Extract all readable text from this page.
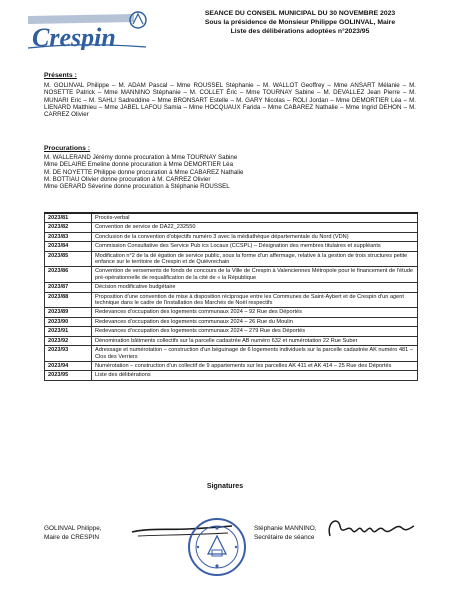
Crespin
SEANCE DU CONSEIL MUNICIPAL DU 30 NOVEMBRE 2023
Sous la présidence de Monsieur Philippe GOLINVAL, Maire
Liste des délibérations adoptées n°2023/95
Présents :
M. GOLINVAL Philippe – M. ADAM Pascal – Mme ROUSSEL Stéphanie – M. WALLOT Geoffrey – Mme ANSART Mélanie – M. NOSETTE Patrick – Mme MANNINO Stéphanie – M. COLLET Éric – Mme TOURNAY Sabine – M. DEVALLEZ Jean Pierre – M. MUNARI Eric – M. SAHLI Sadreddine – Mme BRONSART Estelle – M. GARY Nicolas – ROLI Jordan – Mme DEMORTIER Léa – M. LIENARD Matthieu – Mme JABEL LAFOU Samia – Mme HOCQUAUX Farida – Mme CABAREZ Nathalie – Mme Ingrid DEHON – M. CARREZ Olivier
Procurations :
M. WALLERAND Jérémy donne procuration à Mme TOURNAY Sabine
Mme DELAIRE Emeline donne procuration à Mme DEMORTIER Léa
M. DE NOYETTE Philippe donne procuration à Mme CABAREZ Nathalie
M. BOTTIAU Olivier donne procuration à M. CARREZ Olivier
Mme GERARD Séverine donne procuration à Stéphanie ROUSSEL
2023/81	Procès-verbal
2023/82	Convention de service de DA22_232550
2023/83	Conclusion de la convention d'objectifs numéro 3 avec la médiathèque départementale du Nord (VDN)
2023/84	Commission Consultative des Service Pub ics Locaux (CCSPL) – Désignation des membres titulaires et suppléants
2023/85	Modification n°2 de la dé égation de service public, sous la forme d'un affermage, relative à la gestion de trois structures petite enfance sur le territoire de Crespin et de Quiévrechain
2023/86	Convention de versements de fonds de concours de la Ville de Crespin à Valenciennes Métropole pour le financement de l'étude pré-opérationnelle de requalification de la cité de « la République
2023/87	Décision modificative budgétaire
2023/88	Proposition d'une convention de mise à disposition réciproque entre les Communes de Saint-Aybert et de Crespin d'un agent technique dans le cadre de l'installation des Marchés de Noël respectifs
2023/89	Redevances d'occupation des logements communaux 2024 – 92 Rue des Déportés
2023/90	Redevances d'occupation des logements communaux 2024 – 26 Rue du Moulin
2023/91	Redevances d'occupation des logements communaux 2024 – 279 Rue des Déportés
2023/92	Dénomination bâtiments collectifs sur la parcelle cadastrée AB numéro 632 et numérotation 22 Rue Suber
2023/93	Adressage et numérotation – construction d'un béguinage de 6 logements individuels sur la parcelle cadastrée AK numéro 481 – Clos des Verriers
2023/94	Numérotation – construction d'un collectif de 9 appartements sur les parcelles AK 411 et AK 414 – 25 Rue des Déportés
2023/95	Liste des délibérations
Signatures
GOLINVAL Philippe,
Maire de CRESPIN
Stéphanie MANNINO,
Secrétaire de séance
